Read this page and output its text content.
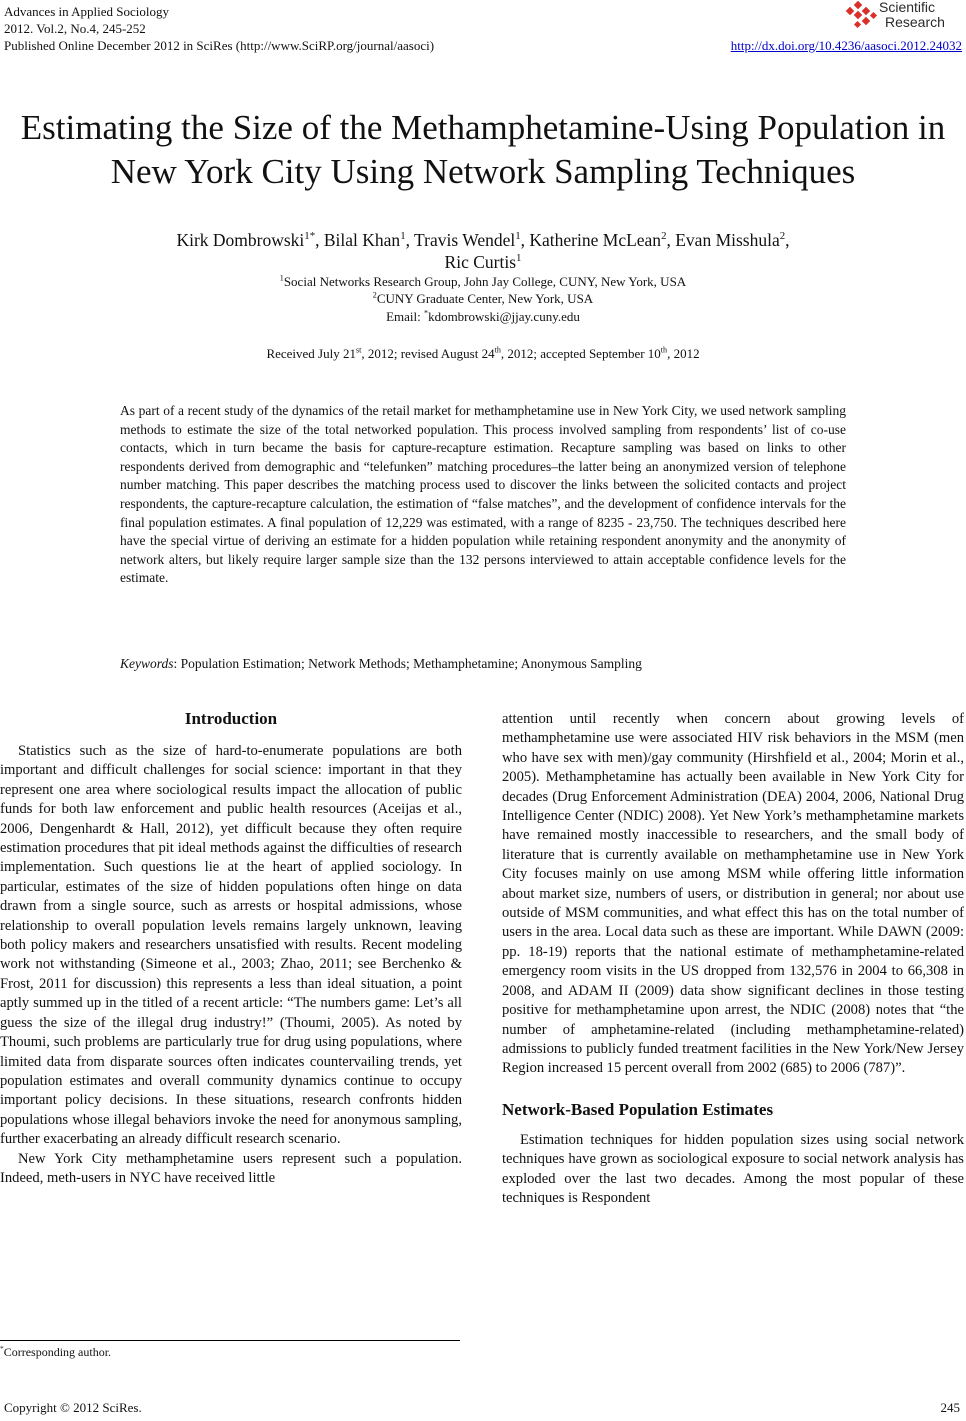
Advances in Applied Sociology
2012. Vol.2, No.4, 245-252
Published Online December 2012 in SciRes (http://www.SciRP.org/journal/aasoci)
Scientific
Research
http://dx.doi.org/10.4236/aasoci.2012.24032
Estimating the Size of the Methamphetamine-Using Population in
New York City Using Network Sampling Techniques
Kirk Dombrowski$^{1*}$, Bilal Khan$^1$, Travis Wendel$^1$, Katherine McLean$^2$, Evan Misshula$^2$,
Ric Curtis$^1$
$^1$Social Networks Research Group, John Jay College, CUNY, New York, USA
$^2$CUNY Graduate Center, New York, USA
Email: *kdombrowski@jjay.cuny.edu
Received July 21st, 2012; revised August 24th, 2012; accepted September 10th, 2012
As part of a recent study of the dynamics of the retail market for methamphetamine use in New York City, we used network sampling methods to estimate the size of the total networked population. This process involved sampling from respondents’ list of co-use contacts, which in turn became the basis for capture-recapture estimation. Recapture sampling was based on links to other respondents derived from demographic and “telefunken” matching procedures–the latter being an anonymized version of telephone number matching. This paper describes the matching process used to discover the links between the solicited contacts and project respondents, the capture-recapture calculation, the estimation of “false matches”, and the development of confidence intervals for the final population estimates. A final population of 12,229 was estimated, with a range of 8235 - 23,750. The techniques described here have the special virtue of deriving an estimate for a hidden population while retaining respondent anonymity and the anonymity of network alters, but likely require larger sample size than the 132 persons interviewed to attain acceptable confidence levels for the estimate.
Keywords: Population Estimation; Network Methods; Methamphetamine; Anonymous Sampling
Introduction

Statistics such as the size of hard-to-enumerate populations are both important and difficult challenges for social science: important in that they represent one area where sociological results impact the allocation of public funds for both law enforcement and public health resources (Aceijas et al., 2006, Dengenhardt & Hall, 2012), yet difficult because they often require estimation procedures that pit ideal methods against the difficulties of research implementation. Such questions lie at the heart of applied sociology. In particular, estimates of the size of hidden populations often hinge on data drawn from a single source, such as arrests or hospital admissions, whose relationship to overall population levels remains largely unknown, leaving both policy makers and researchers unsatisfied with results. Recent modeling work not withstanding (Simeone et al., 2003; Zhao, 2011; see Berchenko & Frost, 2011 for discussion) this represents a less than ideal situation, a point aptly summed up in the titled of a recent article: “The numbers game: Let’s all guess the size of the illegal drug industry!” (Thoumi, 2005). As noted by Thoumi, such problems are particularly true for drug using populations, where limited data from disparate sources often indicates countervailing trends, yet population estimates and overall community dynamics continue to occupy important policy decisions. In these situations, research confronts hidden populations whose illegal behaviors invoke the need for anonymous sampling, further exacerbating an already difficult research scenario.

New York City methamphetamine users represent such a population. Indeed, meth-users in NYC have received little

*Corresponding author.

attention until recently when concern about growing levels of methamphetamine use were associated HIV risk behaviors in the MSM (men who have sex with men)/gay community (Hirshfield et al., 2004; Morin et al., 2005). Methamphetamine has actually been available in New York City for decades (Drug Enforcement Administration (DEA) 2004, 2006, National Drug Intelligence Center (NDIC) 2008). Yet New York’s methamphetamine markets have remained mostly inaccessible to researchers, and the small body of literature that is currently available on methamphetamine use in New York City focuses mainly on use among MSM while offering little information about market size, numbers of users, or distribution in general; nor about use outside of MSM communities, and what effect this has on the total number of users in the area. Local data such as these are important. While DAWN (2009: pp. 18-19) reports that the national estimate of methamphetamine-related emergency room visits in the US dropped from 132,576 in 2004 to 66,308 in 2008, and ADAM II (2009) data show significant declines in those testing positive for methamphetamine upon arrest, the NDIC (2008) notes that “the number of amphetamine-related (including methamphetamine-related) admissions to publicly funded treatment facilities in the New York/New Jersey Region increased 15 percent overall from 2002 (685) to 2006 (787)”.

Network-Based Population Estimates

Estimation techniques for hidden population sizes using social network techniques have grown as sociological exposure to social network analysis has exploded over the last two decades. Among the most popular of these techniques is Respondent

Copyright © 2012 SciRes.	245
